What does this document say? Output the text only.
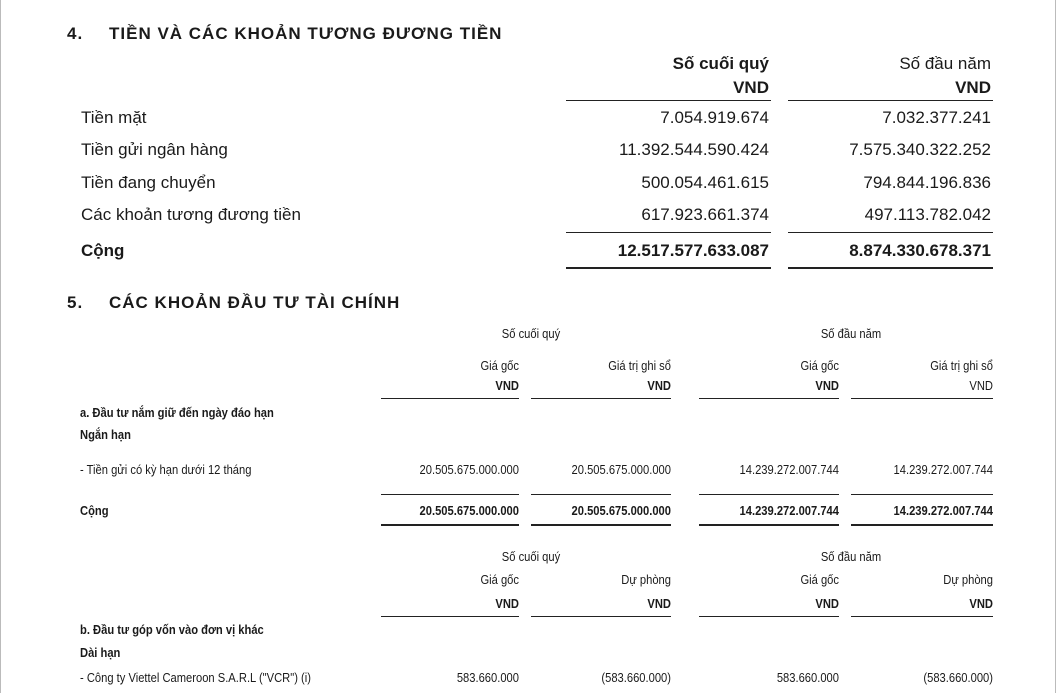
4. TIỀN VÀ CÁC KHOẢN TƯƠNG ĐƯƠNG TIỀN
Số cuối quý	Số đầu năm
VND	VND
Tiền mặt	7.054.919.674	7.032.377.241
Tiền gửi ngân hàng	11.392.544.590.424	7.575.340.322.252
Tiền đang chuyển	500.054.461.615	794.844.196.836
Các khoản tương đương tiền	617.923.661.374	497.113.782.042
Cộng	12.517.577.633.087	8.874.330.678.371
5. CÁC KHOẢN ĐẦU TƯ TÀI CHÍNH
Số cuối quý	Số đầu năm
Giá gốc	Giá trị ghi sổ	Giá gốc	Giá trị ghi sổ
VND	VND	VND	VND
a. Đầu tư nắm giữ đến ngày đáo hạn
Ngắn hạn
- Tiền gửi có kỳ hạn dưới 12 tháng	20.505.675.000.000	20.505.675.000.000	14.239.272.007.744	14.239.272.007.744
Cộng	20.505.675.000.000	20.505.675.000.000	14.239.272.007.744	14.239.272.007.744
Số cuối quý	Số đầu năm
Giá gốc	Dự phòng	Giá gốc	Dự phòng
VND	VND	VND	VND
b. Đầu tư góp vốn vào đơn vị khác
Dài hạn
- Công ty Viettel Cameroon S.A.R.L ("VCR") (i)	583.660.000	(583.660.000)	583.660.000	(583.660.000)
